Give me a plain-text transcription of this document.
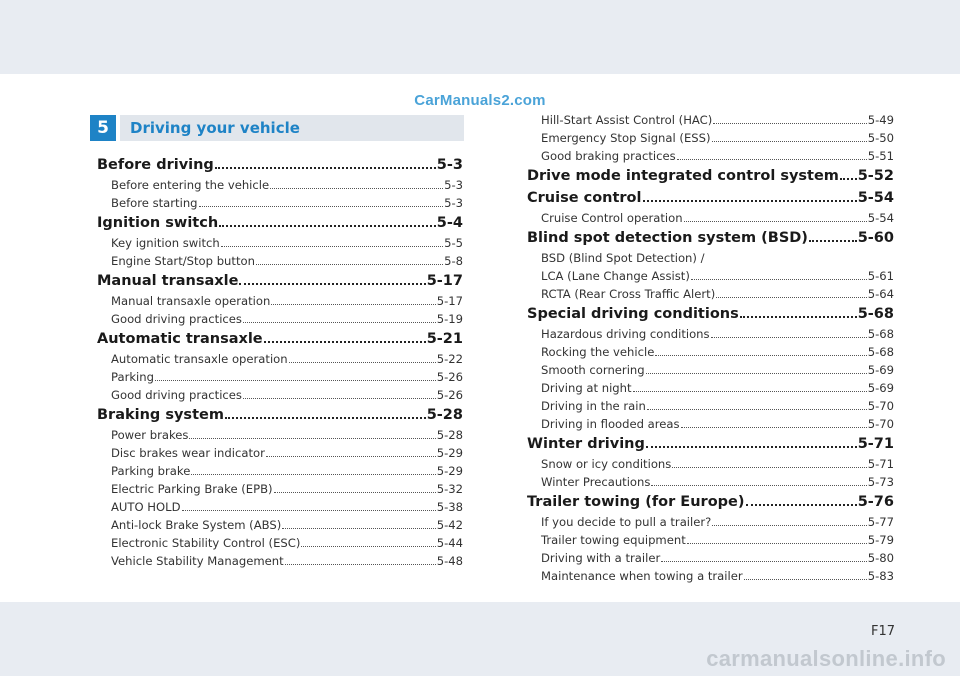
CarManuals2.com
5	Driving your vehicle
Before driving	5-3
Before entering the vehicle	5-3
Before starting	5-3
Ignition switch	5-4
Key ignition switch	5-5
Engine Start/Stop button	5-8
Manual transaxle	5-17
Manual transaxle operation	5-17
Good driving practices	5-19
Automatic transaxle	5-21
Automatic transaxle operation	5-22
Parking	5-26
Good driving practices	5-26
Braking system	5-28
Power brakes	5-28
Disc brakes wear indicator	5-29
Parking brake	5-29
Electric Parking Brake (EPB)	5-32
AUTO HOLD	5-38
Anti-lock Brake System (ABS)	5-42
Electronic Stability Control (ESC)	5-44
Vehicle Stability Management	5-48
Hill-Start Assist Control (HAC)	5-49
Emergency Stop Signal (ESS)	5-50
Good braking practices	5-51
Drive mode integrated control system 5-52
Cruise control	5-54
Cruise Control operation	5-54
Blind spot detection system (BSD)	5-60
BSD (Blind Spot Detection) /
LCA (Lane Change Assist)	5-61
RCTA (Rear Cross Traffic Alert)	5-64
Special driving conditions	5-68
Hazardous driving conditions	5-68
Rocking the vehicle	5-68
Smooth cornering	5-69
Driving at night	5-69
Driving in the rain	5-70
Driving in flooded areas	5-70
Winter driving	5-71
Snow or icy conditions	5-71
Winter Precautions	5-73
Trailer towing (for Europe)	5-76
If you decide to pull a trailer?	5-77
Trailer towing equipment	5-79
Driving with a trailer	5-80
Maintenance when towing a trailer	5-83
F17
carmanualsonline.info
